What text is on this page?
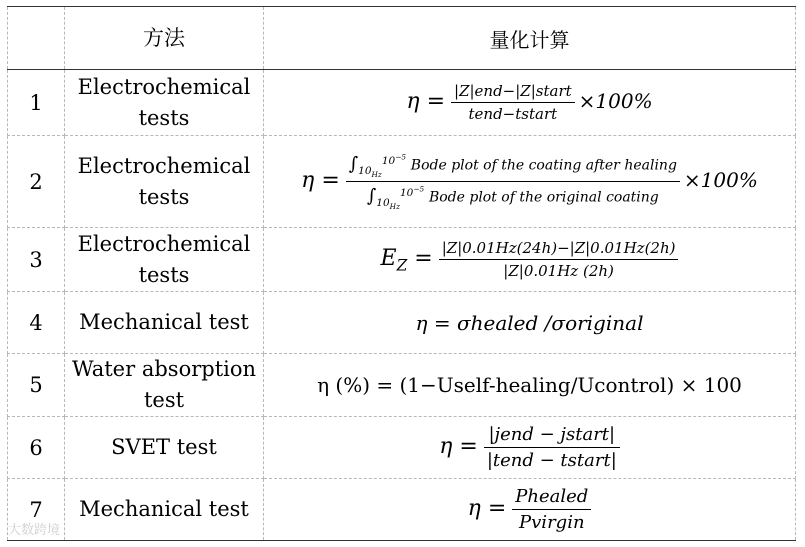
	方法	量化计算
1	Electrochemical tests	$\eta = \frac{\text{|Z|end−|Z|start}}{\text{tend−tstart}} \times 100\%$
2	Electrochemical tests	$\eta = \frac{\int_{10_{Hz}}^{10^{-5}} Bode plot of the coating after healing}{\int_{10_{Hz}}^{10^{-5}} Bode plot of the original coating} \times 100\%$
3	Electrochemical tests	$E_Z = \frac{|Z|0.01Hz(24h)-|Z|0.01Hz(2h)}{|Z|0.01Hz (2h)}$

4	Mechanical test	η = σhealed /σoriginal
5	Water absorption test	η (%) = (1−Uself-healing/Ucontrol) × 100
6	SVET test	$\eta = \frac{\text{|jend − jstart|}}{\text{|tend − tstart|}}$

7	Mechanical test	$\eta = \frac{\text{Phealed}}{\text{Pvirgin}}$
大数跨境
